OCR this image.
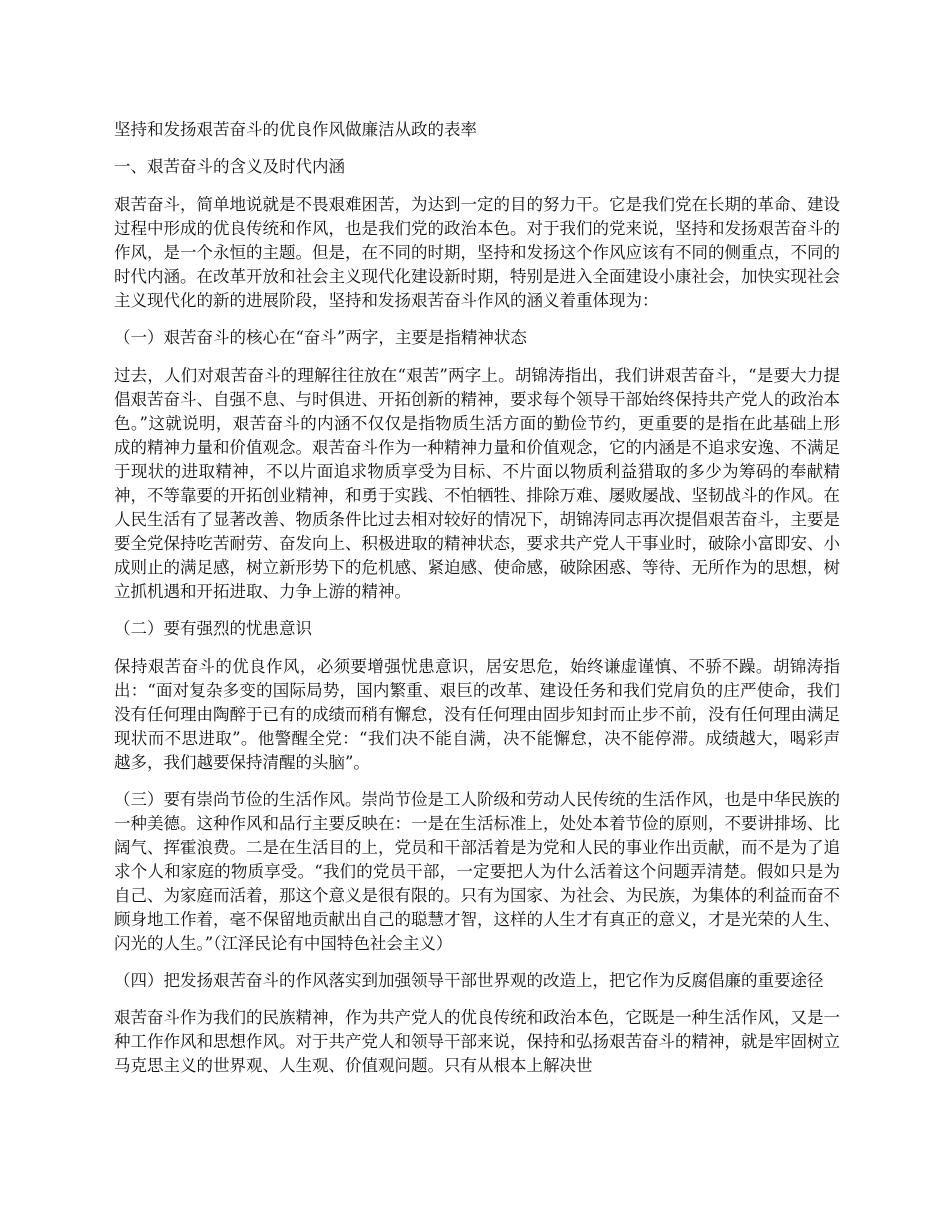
坚持和发扬艰苦奋斗的优良作风做廉洁从政的表率

一、艰苦奋斗的含义及时代内涵

艰苦奋斗，简单地说就是不畏艰难困苦，为达到一定的目的努力干。它是我们党在长期的革命、建设过程中形成的优良传统和作风，也是我们党的政治本色。对于我们的党来说，坚持和发扬艰苦奋斗的作风，是一个永恒的主题。但是，在不同的时期，坚持和发扬这个作风应该有不同的侧重点，不同的时代内涵。在改革开放和社会主义现代化建设新时期，特别是进入全面建设小康社会，加快实现社会主义现代化的新的进展阶段，坚持和发扬艰苦奋斗作风的涵义着重体现为：

（一）艰苦奋斗的核心在“奋斗”两字，主要是指精神状态

过去，人们对艰苦奋斗的理解往往放在“艰苦”两字上。胡锦涛指出，我们讲艰苦奋斗，“是要大力提倡艰苦奋斗、自强不息、与时俱进、开拓创新的精神，要求每个领导干部始终保持共产党人的政治本色。”这就说明，艰苦奋斗的内涵不仅仅是指物质生活方面的勤俭节约，更重要的是指在此基础上形成的精神力量和价值观念。艰苦奋斗作为一种精神力量和价值观念，它的内涵是不追求安逸、不满足于现状的进取精神，不以片面追求物质享受为目标、不片面以物质利益猎取的多少为筹码的奉献精神，不等靠要的开拓创业精神，和勇于实践、不怕牺牲、排除万难、屡败屡战、坚韧战斗的作风。在人民生活有了显著改善、物质条件比过去相对较好的情况下，胡锦涛同志再次提倡艰苦奋斗，主要是要全党保持吃苦耐劳、奋发向上、积极进取的精神状态，要求共产党人干事业时，破除小富即安、小成则止的满足感，树立新形势下的危机感、紧迫感、使命感，破除困惑、等待、无所作为的思想，树立抓机遇和开拓进取、力争上游的精神。

（二）要有强烈的忧患意识

保持艰苦奋斗的优良作风，必须要增强忧患意识，居安思危，始终谦虚谨慎、不骄不躁。胡锦涛指出：“面对复杂多变的国际局势，国内繁重、艰巨的改革、建设任务和我们党肩负的庄严使命，我们没有任何理由陶醉于已有的成绩而稍有懈怠，没有任何理由固步知封而止步不前，没有任何理由满足现状而不思进取”。他警醒全党：“我们决不能自满，决不能懈怠，决不能停滞。成绩越大，喝彩声越多，我们越要保持清醒的头脑”。

（三）要有崇尚节俭的生活作风。崇尚节俭是工人阶级和劳动人民传统的生活作风，也是中华民族的一种美德。这种作风和品行主要反映在：一是在生活标准上，处处本着节俭的原则，不要讲排场、比阔气、挥霍浪费。二是在生活目的上，党员和干部活着是为党和人民的事业作出贡献，而不是为了追求个人和家庭的物质享受。“我们的党员干部，一定要把人为什么活着这个问题弄清楚。假如只是为自己、为家庭而活着，那这个意义是很有限的。只有为国家、为社会、为民族，为集体的利益而奋不顾身地工作着，毫不保留地贡献出自己的聪慧才智，这样的人生才有真正的意义，才是光荣的人生、闪光的人生。”（江泽民论有中国特色社会主义）

（四）把发扬艰苦奋斗的作风落实到加强领导干部世界观的改造上，把它作为反腐倡廉的重要途径

艰苦奋斗作为我们的民族精神，作为共产党人的优良传统和政治本色，它既是一种生活作风，又是一种工作作风和思想作风。对于共产党人和领导干部来说，保持和弘扬艰苦奋斗的精神，就是牢固树立马克思主义的世界观、人生观、价值观问题。只有从根本上解决世
